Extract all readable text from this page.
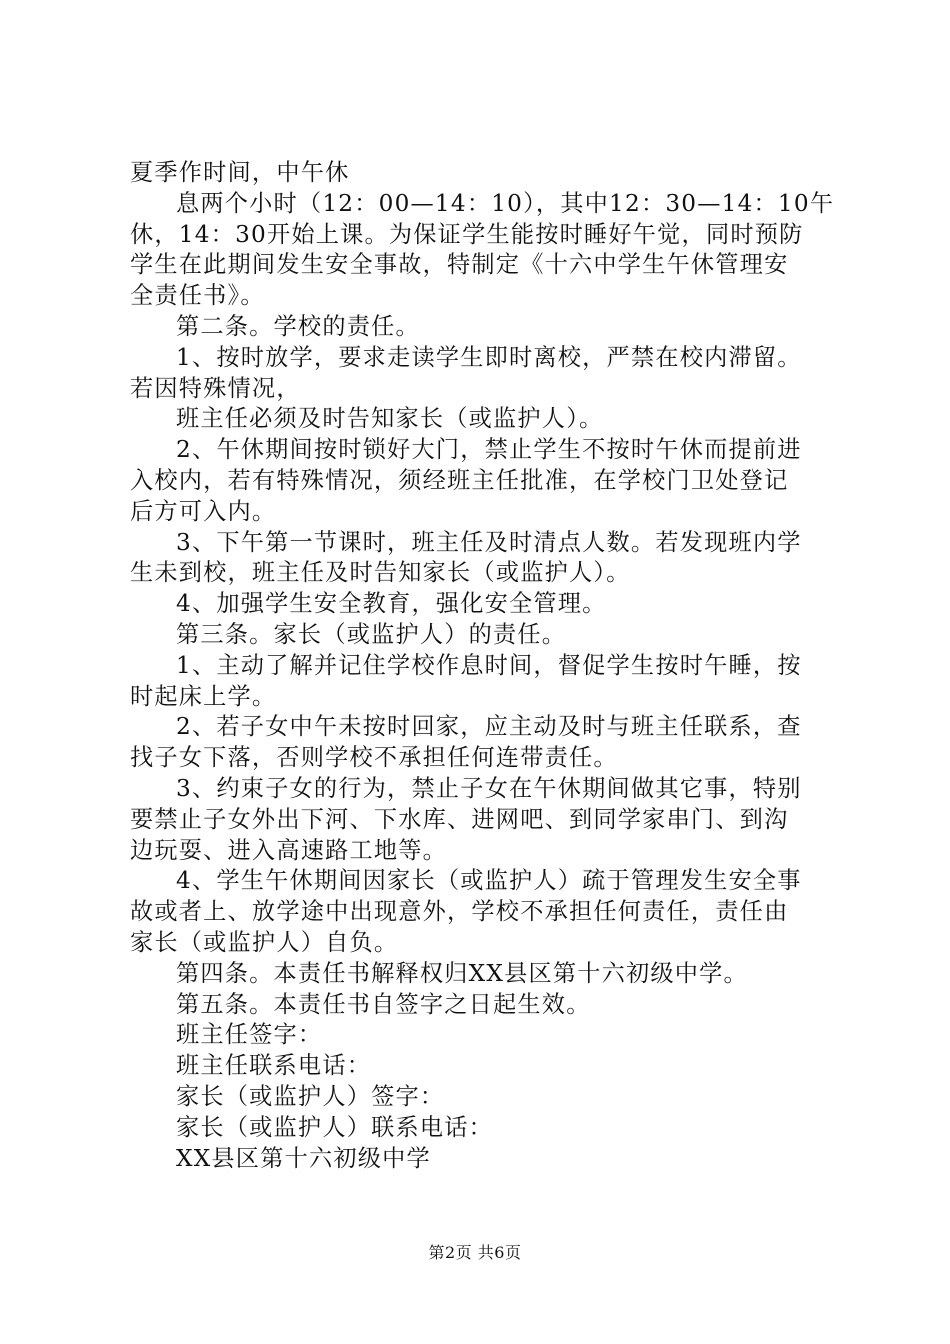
夏季作时间，中午休
息两个小时（12：00—14：10），其中12：30—14：10午
休，14：30开始上课。为保证学生能按时睡好午觉，同时预防
学生在此期间发生安全事故，特制定《十六中学生午休管理安
全责任书》。
第二条。学校的责任。
1、按时放学，要求走读学生即时离校，严禁在校内滞留。
若因特殊情况，
班主任必须及时告知家长（或监护人）。
2、午休期间按时锁好大门，禁止学生不按时午休而提前进
入校内，若有特殊情况，须经班主任批准，在学校门卫处登记
后方可入内。
3、下午第一节课时，班主任及时清点人数。若发现班内学
生未到校，班主任及时告知家长（或监护人）。
4、加强学生安全教育，强化安全管理。
第三条。家长（或监护人）的责任。
1、主动了解并记住学校作息时间，督促学生按时午睡，按
时起床上学。
2、若子女中午未按时回家，应主动及时与班主任联系，查
找子女下落，否则学校不承担任何连带责任。
3、约束子女的行为，禁止子女在午休期间做其它事，特别
要禁止子女外出下河、下水库、进网吧、到同学家串门、到沟
边玩耍、进入高速路工地等。
4、学生午休期间因家长（或监护人）疏于管理发生安全事
故或者上、放学途中出现意外，学校不承担任何责任，责任由
家长（或监护人）自负。
第四条。本责任书解释权归XX县区第十六初级中学。
第五条。本责任书自签字之日起生效。
班主任签字：
班主任联系电话：
家长（或监护人）签字：
家长（或监护人）联系电话：
XX县区第十六初级中学
第2页 共6页
